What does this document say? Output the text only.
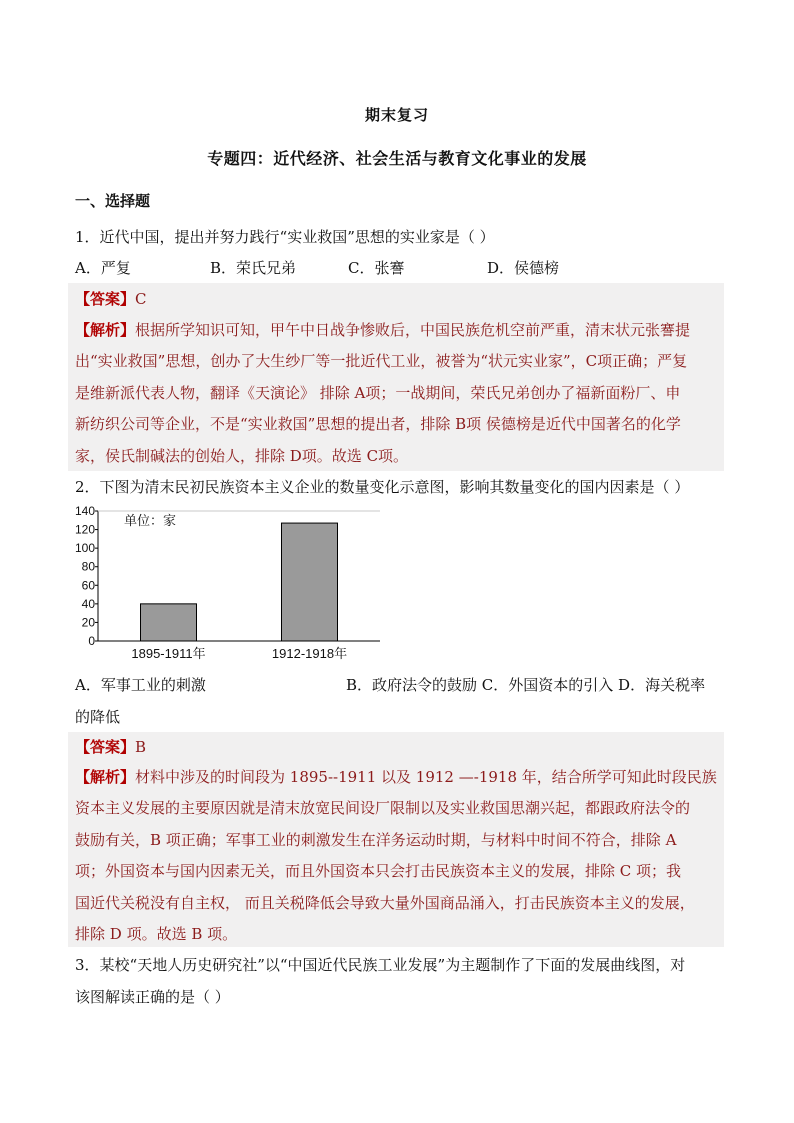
期末复习
专题四：近代经济、社会生活与教育文化事业的发展
一、选择题
1．近代中国，提出并努力践行“实业救国”思想的实业家是（ ）
A．严复	B．荣氏兄弟	C．张謇	D．侯德榜
【答案】C
【解析】根据所学知识可知，甲午中日战争惨败后，中国民族危机空前严重，清末状元张謇提
出“实业救国”思想，创办了大生纱厂等一批近代工业，被誉为“状元实业家”，C项正确；严复
是维新派代表人物，翻译《天演论》 排除 A项；一战期间，荣氏兄弟创办了福新面粉厂、申
新纺织公司等企业，不是“实业救国”思想的提出者，排除 B项 侯德榜是近代中国著名的化学
家，侯氏制碱法的创始人，排除 D项。故选 C项。
2．下图为清末民初民族资本主义企业的数量变化示意图，影响其数量变化的国内因素是（ ）
0
20
40
60
80
100
120
140
1895-1911年	1912-1918年
单位：家
A．军事工业的刺激	B．政府法令的鼓励 C．外国资本的引入 D．海关税率
的降低
【答案】B
【解析】材料中涉及的时间段为 1895--1911 以及 1912 —-1918 年，结合所学可知此时段民族
资本主义发展的主要原因就是清末放宽民间设厂限制以及实业救国思潮兴起，都跟政府法令的
鼓励有关，B 项正确；军事工业的刺激发生在洋务运动时期，与材料中时间不符合，排除 A
项；外国资本与国内因素无关，而且外国资本只会打击民族资本主义的发展，排除 C 项；我
国近代关税没有自主权， 而且关税降低会导致大量外国商品涌入，打击民族资本主义的发展，
排除 D 项。故选 B 项。
3．某校“天地人历史研究社”以“中国近代民族工业发展”为主题制作了下面的发展曲线图，对
该图解读正确的是（ ）
